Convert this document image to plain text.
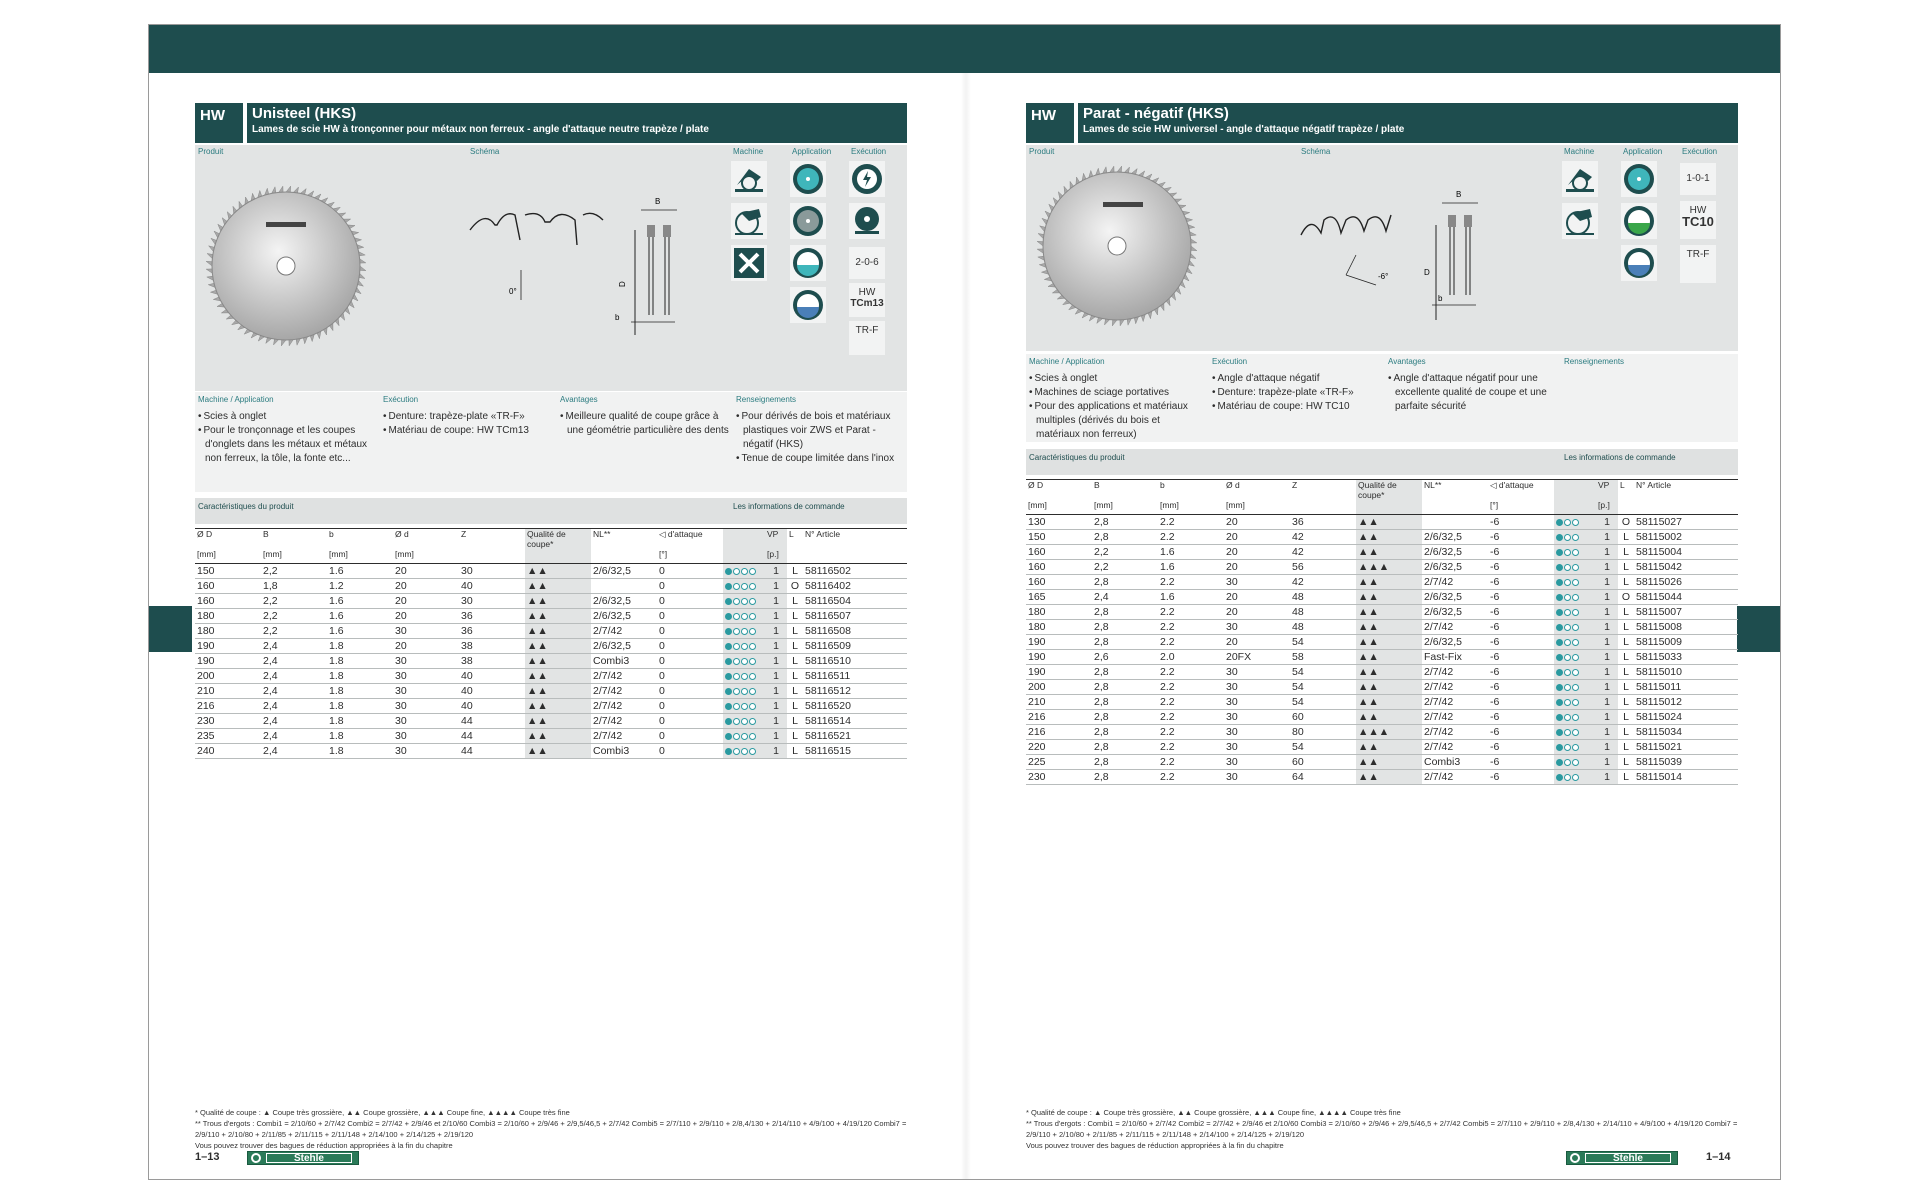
HW	Unisteel (HKS)
Lames de scie HW à tronçonner pour métaux non ferreux - angle d'attaque neutre trapèze / plate
Produit	Schéma	Machine	Application Exécution
0°
D
B
b
2-0-6
HW
TCm13
TR-F
Machine / Application	Exécution	Avantages	Renseignements
• Scies à onglet
• Pour le tronçonnage et les coupes d'onglets dans les métaux et métaux non ferreux, la tôle, la fonte etc...
• Denture: trapèze-plate «TR-F»
• Matériau de coupe: HW TCm13
• Meilleure qualité de coupe grâce à une géométrie particulière des dents
• Pour dérivés de bois et matériaux plastiques voir ZWS et Parat - négatif (HKS)
• Tenue de coupe limitée dans l'inox
Caractéristiques du produit	Les informations de commande
Ø D	B	b	Ø d	Z	Qualité de coupe*	NL**	◁ d'attaque		VP	L	N° Article
[mm]	[mm]	[mm]	[mm]				[°]		[p.]		
150	2,2	1.6	20	30	▲▲	2/6/32,5	0		1	L	58116502
160	1,8	1.2	20	40	▲▲		0		1	O	58116402
160	2,2	1.6	20	30	▲▲	2/6/32,5	0		1	L	58116504
180	2,2	1.6	20	36	▲▲	2/6/32,5	0		1	L	58116507
180	2,2	1.6	30	36	▲▲	2/7/42	0		1	L	58116508
190	2,4	1.8	20	38	▲▲	2/6/32,5	0		1	L	58116509
190	2,4	1.8	30	38	▲▲	Combi3	0		1	L	58116510
200	2,4	1.8	30	40	▲▲	2/7/42	0		1	L	58116511
210	2,4	1.8	30	40	▲▲	2/7/42	0		1	L	58116512
216	2,4	1.8	30	40	▲▲	2/7/42	0		1	L	58116520
230	2,4	1.8	30	44	▲▲	2/7/42	0		1	L	58116514
235	2,4	1.8	30	44	▲▲	2/7/42	0		1	L	58116521
240	2,4	1.8	30	44	▲▲	Combi3	0		1	L	58116515
* Qualité de coupe : ▲ Coupe très grossière, ▲▲ Coupe grossière, ▲▲▲ Coupe fine, ▲▲▲▲ Coupe très fine
** Trous d'ergots : Combi1 = 2/10/60 + 2/7/42 Combi2 = 2/7/42 + 2/9/46 et 2/10/60 Combi3 = 2/10/60 + 2/9/46 + 2/9,5/46,5 + 2/7/42 Combi5 = 2/7/110 + 2/9/110 + 2/8,4/130 + 2/14/110 + 4/9/100 + 4/19/120 Combi7 = 2/9/110 + 2/10/80 + 2/11/85 + 2/11/115 + 2/11/148 + 2/14/100 + 2/14/125 + 2/19/120
Vous pouvez trouver des bagues de réduction appropriées à la fin du chapitre
1–13	Stehle
HW	Parat - négatif (HKS)
Lames de scie HW universel - angle d'attaque négatif trapèze / plate
Produit	Schéma	Machine	Application Exécution
-6°	D
B
b
1-0-1
HW
TC10
TR-F
Machine / Application	Exécution	Avantages	Renseignements
• Scies à onglet
• Machines de sciage portatives
• Pour des applications et matériaux multiples (dérivés du bois et matériaux non ferreux)
• Angle d'attaque négatif
• Denture: trapèze-plate «TR-F»
• Matériau de coupe: HW TC10
• Angle d'attaque négatif pour une excellente qualité de coupe et une parfaite sécurité
Caractéristiques du produit	Les informations de commande
Ø D	B	b	Ø d	Z	Qualité de coupe*	NL**	◁ d'attaque		VP	L	N° Article
[mm]	[mm]	[mm]	[mm]				[°]		[p.]		
130	2,8	2.2	20	36	▲▲		-6		1	O	58115027
150	2,8	2.2	20	42	▲▲	2/6/32,5	-6		1	L	58115002
160	2,2	1.6	20	42	▲▲	2/6/32,5	-6		1	L	58115004
160	2,2	1.6	20	56	▲▲▲	2/6/32,5	-6		1	L	58115042
160	2,8	2.2	30	42	▲▲	2/7/42	-6		1	L	58115026
165	2,4	1.6	20	48	▲▲	2/6/32,5	-6		1	O	58115044
180	2,8	2.2	20	48	▲▲	2/6/32,5	-6		1	L	58115007
180	2,8	2.2	30	48	▲▲	2/7/42	-6		1	L	58115008
190	2,8	2.2	20	54	▲▲	2/6/32,5	-6		1	L	58115009
190	2,6	2.0	20FX	58	▲▲	Fast-Fix	-6		1	L	58115033
190	2,8	2.2	30	54	▲▲	2/7/42	-6		1	L	58115010
200	2,8	2.2	30	54	▲▲	2/7/42	-6		1	L	58115011
210	2,8	2.2	30	54	▲▲	2/7/42	-6		1	L	58115012
216	2,8	2.2	30	60	▲▲	2/7/42	-6		1	L	58115024
216	2,8	2.2	30	80	▲▲▲	2/7/42	-6		1	L	58115034
220	2,8	2.2	30	54	▲▲	2/7/42	-6		1	L	58115021
225	2,8	2.2	30	60	▲▲	Combi3	-6		1	L	58115039
230	2,8	2.2	30	64	▲▲	2/7/42	-6		1	L	58115014
* Qualité de coupe : ▲ Coupe très grossière, ▲▲ Coupe grossière, ▲▲▲ Coupe fine, ▲▲▲▲ Coupe très fine
** Trous d'ergots : Combi1 = 2/10/60 + 2/7/42 Combi2 = 2/7/42 + 2/9/46 et 2/10/60 Combi3 = 2/10/60 + 2/9/46 + 2/9,5/46,5 + 2/7/42 Combi5 = 2/7/110 + 2/9/110 + 2/8,4/130 + 2/14/110 + 4/9/100 + 4/19/120 Combi7 = 2/9/110 + 2/10/80 + 2/11/85 + 2/11/115 + 2/11/148 + 2/14/100 + 2/14/125 + 2/19/120
Vous pouvez trouver des bagues de réduction appropriées à la fin du chapitre
Stehle	1–14
